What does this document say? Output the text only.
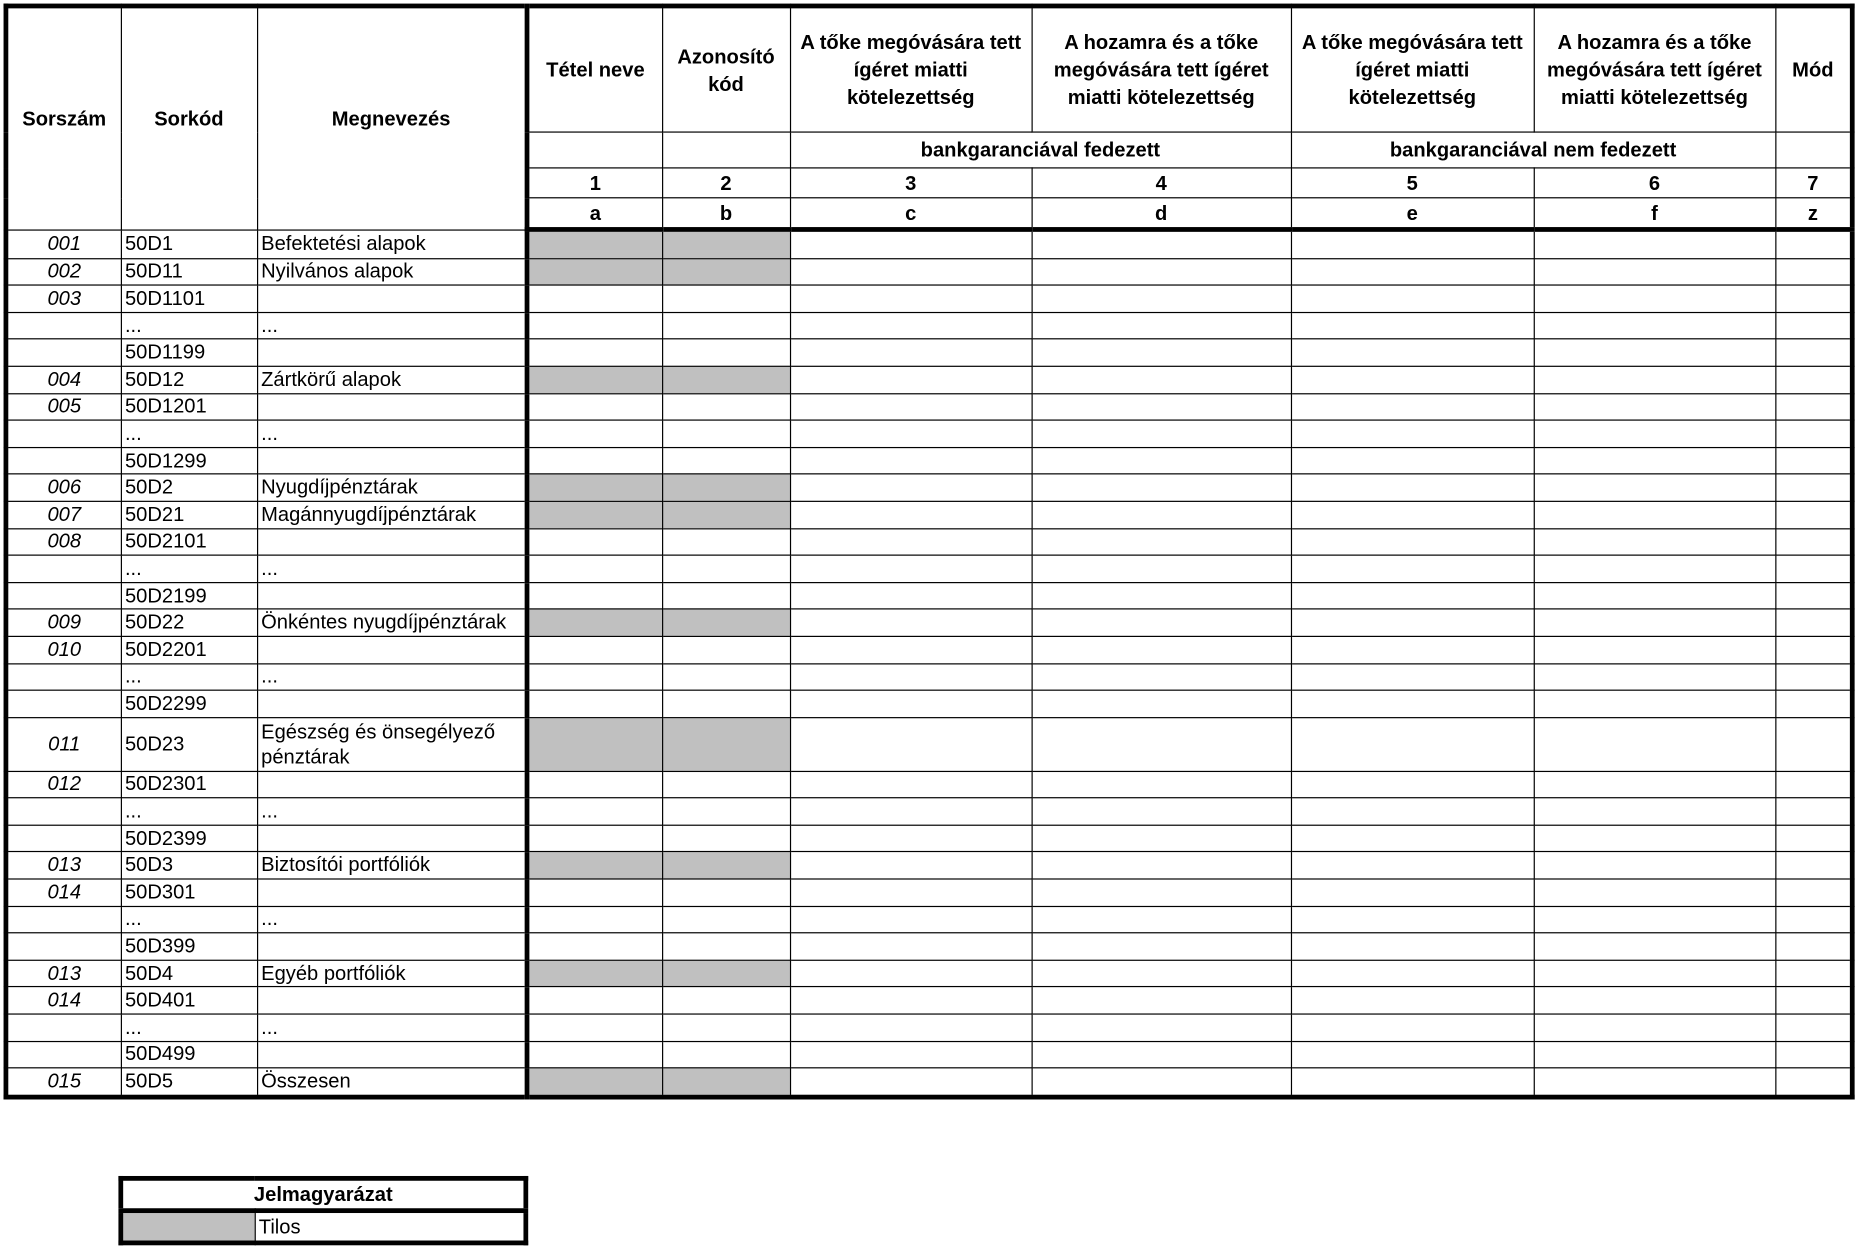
Sorszám	Sorkód	Megnevezés	Tétel neve	Azonosító kód	A tőke megóvására tett ígéret miatti kötelezettség	A hozamra és a tőke megóvására tett ígéret miatti kötelezettség	A tőke megóvására tett ígéret miatti kötelezettség	A hozamra és a tőke megóvására tett ígéret miatti kötelezettség	Mód
					bankgaranciával fedezett		bankgaranciával nem fedezett		
			1	2	3	4	5	6	7
			a	b	c	d	e	f	z
001	50D1	Befektetési alapok							
002	50D11	Nyilvános alapok							
003	50D1101								
	...	...							
	50D1199								
004	50D12	Zártkörű alapok							
005	50D1201								
	...	...							
	50D1299								
006	50D2	Nyugdíjpénztárak							
007	50D21	Magánnyugdíjpénztárak							
008	50D2101								
	...	...							
	50D2199								
009	50D22	Önkéntes nyugdíjpénztárak							
010	50D2201								
	...	...							
	50D2299								
011	50D23	Egészség és önsegélyező pénztárak							
012	50D2301								
	...	...							
	50D2399								
013	50D3	Biztosítói portfóliók							
014	50D301								
	...	...							
	50D399								
013	50D4	Egyéb portfóliók							
014	50D401								
	...	...							
	50D499								
015	50D5	Összesen							
Jelmagyarázat
	Tilos
